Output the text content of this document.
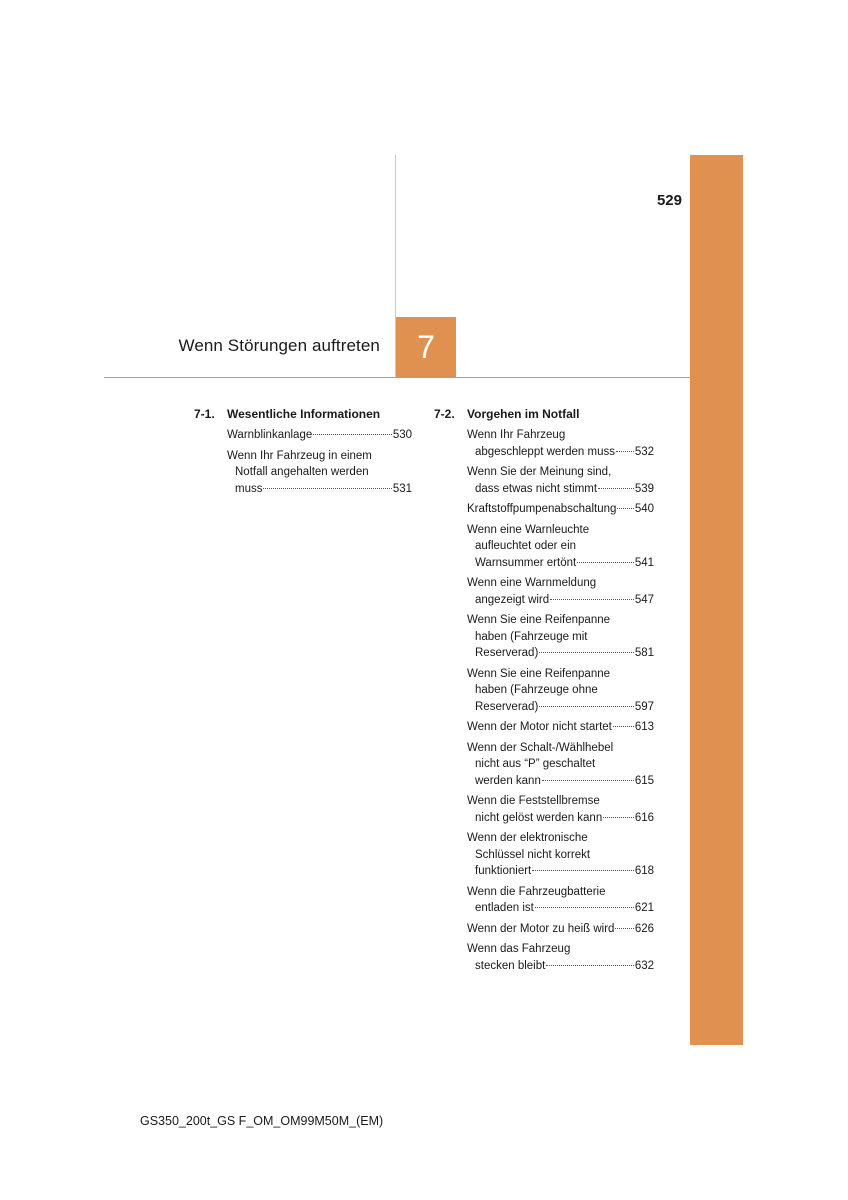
529
Wenn Störungen auftreten	7
7-1.	Wesentliche Informationen
Warnblinkanlage	530
Wenn Ihr Fahrzeug in einem
Notfall angehalten werden
muss	531
7-2.	Vorgehen im Notfall
Wenn Ihr Fahrzeug
abgeschleppt werden muss 532
Wenn Sie der Meinung sind,
dass etwas nicht stimmt	539
Kraftstoffpumpenabschaltung 540
Wenn eine Warnleuchte
aufleuchtet oder ein
Warnsummer ertönt	541
Wenn eine Warnmeldung
angezeigt wird	547
Wenn Sie eine Reifenpanne
haben (Fahrzeuge mit
Reserverad)	581
Wenn Sie eine Reifenpanne
haben (Fahrzeuge ohne
Reserverad)	597
Wenn der Motor nicht startet 613
Wenn der Schalt-/Wählhebel
nicht aus “P” geschaltet
werden kann	615
Wenn die Feststellbremse
nicht gelöst werden kann	616
Wenn der elektronische
Schlüssel nicht korrekt
funktioniert	618
Wenn die Fahrzeugbatterie
entladen ist	621
Wenn der Motor zu heiß wird 626
Wenn das Fahrzeug
stecken bleibt	632
GS350_200t_GS F_OM_OM99M50M_(EM)
